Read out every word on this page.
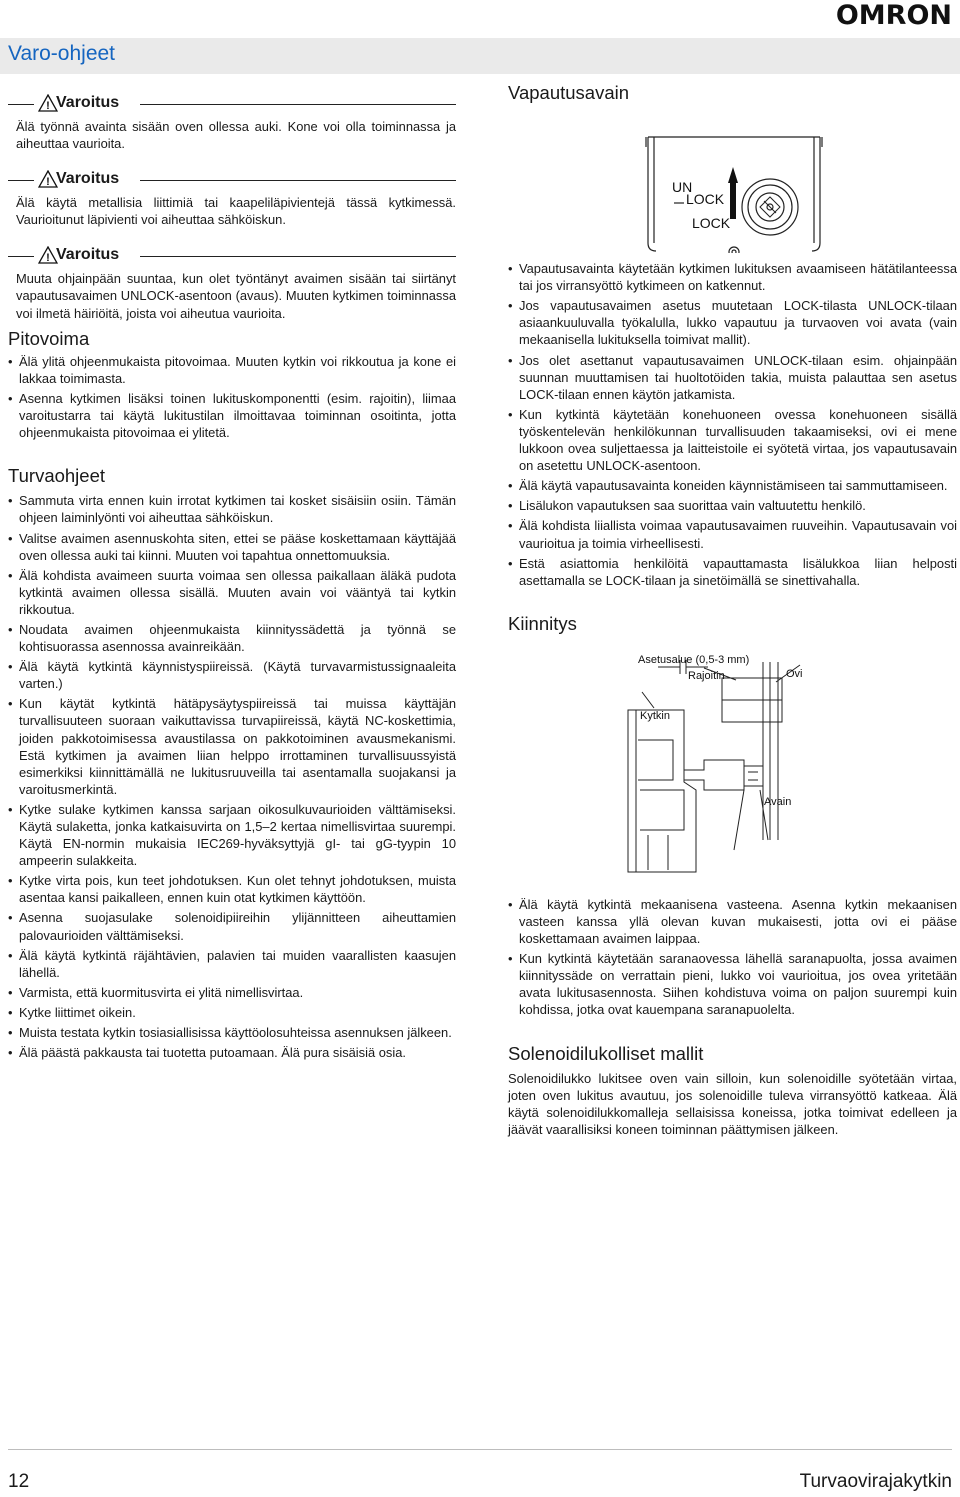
OMRON
Varo-ohjeet
! Varoitus
Älä työnnä avainta sisään oven ollessa auki. Kone voi olla toiminnassa ja aiheuttaa vaurioita.
! Varoitus
Älä käytä metallisia liittimiä tai kaapeliläpivientejä tässä kytkimessä. Vaurioitunut läpivienti voi aiheuttaa sähköiskun.
! Varoitus
Muuta ohjainpään suuntaa, kun olet työntänyt avaimen sisään tai siirtänyt vapautusavaimen UNLOCK-asentoon (avaus). Muuten kytkimen toiminnassa voi ilmetä häiriöitä, joista voi aiheutua vaurioita.
Pitovoima
• Älä ylitä ohjeenmukaista pitovoimaa. Muuten kytkin voi rikkoutua ja kone ei lakkaa toimimasta.
• Asenna kytkimen lisäksi toinen lukituskomponentti (esim. rajoitin), liimaa varoitustarra tai käytä lukitustilan ilmoittavaa toiminnan osoitinta, jotta ohjeenmukaista pitovoimaa ei ylitetä.
Turvaohjeet
• Sammuta virta ennen kuin irrotat kytkimen tai kosket sisäisiin osiin. Tämän ohjeen laiminlyönti voi aiheuttaa sähköiskun.
• Valitse avaimen asennuskohta siten, ettei se pääse koskettamaan käyttäjää oven ollessa auki tai kiinni. Muuten voi tapahtua onnettomuuksia.
• Älä kohdista avaimeen suurta voimaa sen ollessa paikallaan äläkä pudota kytkintä avaimen ollessa sisällä. Muuten avain voi vääntyä tai kytkin rikkoutua.
• Noudata avaimen ohjeenmukaista kiinnityssädettä ja työnnä se kohtisuorassa asennossa avainreikään.
• Älä käytä kytkintä käynnistyspiireissä. (Käytä turvavarmistussignaaleita varten.)
• Kun käytät kytkintä hätäpysäytyspiireissä tai muissa käyttäjän turvallisuuteen suoraan vaikuttavissa turvapiireissä, käytä NC-koskettimia, joiden pakkotoimisessa avaustilassa on pakkotoiminen avausmekanismi. Estä kytkimen ja avaimen liian helppo irrottaminen turvallisuussyistä esimerkiksi kiinnittämällä ne lukitusruuveilla tai asentamalla suojakansi ja varoitusmerkintä.
• Kytke sulake kytkimen kanssa sarjaan oikosulkuvaurioiden välttämiseksi. Käytä sulaketta, jonka katkaisuvirta on 1,5–2 kertaa nimellisvirtaa suurempi. Käytä EN-normin mukaisia IEC269-hyväksyttyjä gI- tai gG-tyypin 10 ampeerin sulakkeita.
• Kytke virta pois, kun teet johdotuksen. Kun olet tehnyt johdotuksen, muista asentaa kansi paikalleen, ennen kuin otat kytkimen käyttöön.
• Asenna suojasulake solenoidipiireihin ylijännitteen aiheuttamien palovaurioiden välttämiseksi.
• Älä käytä kytkintä räjähtävien, palavien tai muiden vaarallisten kaasujen lähellä.
• Varmista, että kuormitusvirta ei ylitä nimellisvirtaa.
• Kytke liittimet oikein.
• Muista testata kytkin tosiasiallisissa käyttöolosuhteissa asennuksen jälkeen.
• Älä päästä pakkausta tai tuotetta putoamaan. Älä pura sisäisiä osia.
Vapautusavain
UN
LOCK
LOCK
• Vapautusavainta käytetään kytkimen lukituksen avaamiseen hätätilanteessa tai jos virransyöttö kytkimeen on katkennut.
• Jos vapautusavaimen asetus muutetaan LOCK-tilasta UNLOCK-tilaan asiaankuuluvalla työkalulla, lukko vapautuu ja turvaoven voi avata (vain mekaanisella lukituksella toimivat mallit).
• Jos olet asettanut vapautusavaimen UNLOCK-tilaan esim. ohjainpään suunnan muuttamisen tai huoltotöiden takia, muista palauttaa sen asetus LOCK-tilaan ennen käytön jatkamista.
• Kun kytkintä käytetään konehuoneen ovessa konehuoneen sisällä työskentelevän henkilökunnan turvallisuuden takaamiseksi, ovi ei mene lukkoon ovea suljettaessa ja laitteistoile ei syötetä virtaa, jos vapautusavain on asetettu UNLOCK-asentoon.
• Älä käytä vapautusavainta koneiden käynnistämiseen tai sammuttamiseen.
• Lisälukon vapautuksen saa suorittaa vain valtuutettu henkilö.
• Älä kohdista liiallista voimaa vapautusavaimen ruuveihin. Vapautusavain voi vaurioitua ja toimia virheellisesti.
• Estä asiattomia henkilöitä vapauttamasta lisälukkoa liian helposti asettamalla se LOCK-tilaan ja sinetöimällä se sinettivahalla.
Kiinnitys
Asetusalue (0,5-3 mm)
Rajoitin	Ovi
Kytkin
Avain
• Älä käytä kytkintä mekaanisena vasteena. Asenna kytkin mekaanisen vasteen kanssa yllä olevan kuvan mukaisesti, jotta ovi ei pääse koskettamaan avaimen laippaa.
• Kun kytkintä käytetään saranaovessa lähellä saranapuolta, jossa avaimen kiinnityssäde on verrattain pieni, lukko voi vaurioitua, jos ovea yritetään avata lukitusasennosta. Siihen kohdistuva voima on paljon suurempi kuin kohdissa, jotka ovat kauempana saranapuolelta.
Solenoidilukolliset mallit

Solenoidilukko lukitsee oven vain silloin, kun solenoidille syötetään virtaa, joten oven lukitus avautuu, jos solenoidille tuleva virransyöttö katkeaa. Älä käytä solenoidilukkomalleja sellaisissa koneissa, jotka toimivat edelleen ja jäävät vaarallisiksi koneen toiminnan päättymisen jälkeen.

12	Turvaovirajakytkin
